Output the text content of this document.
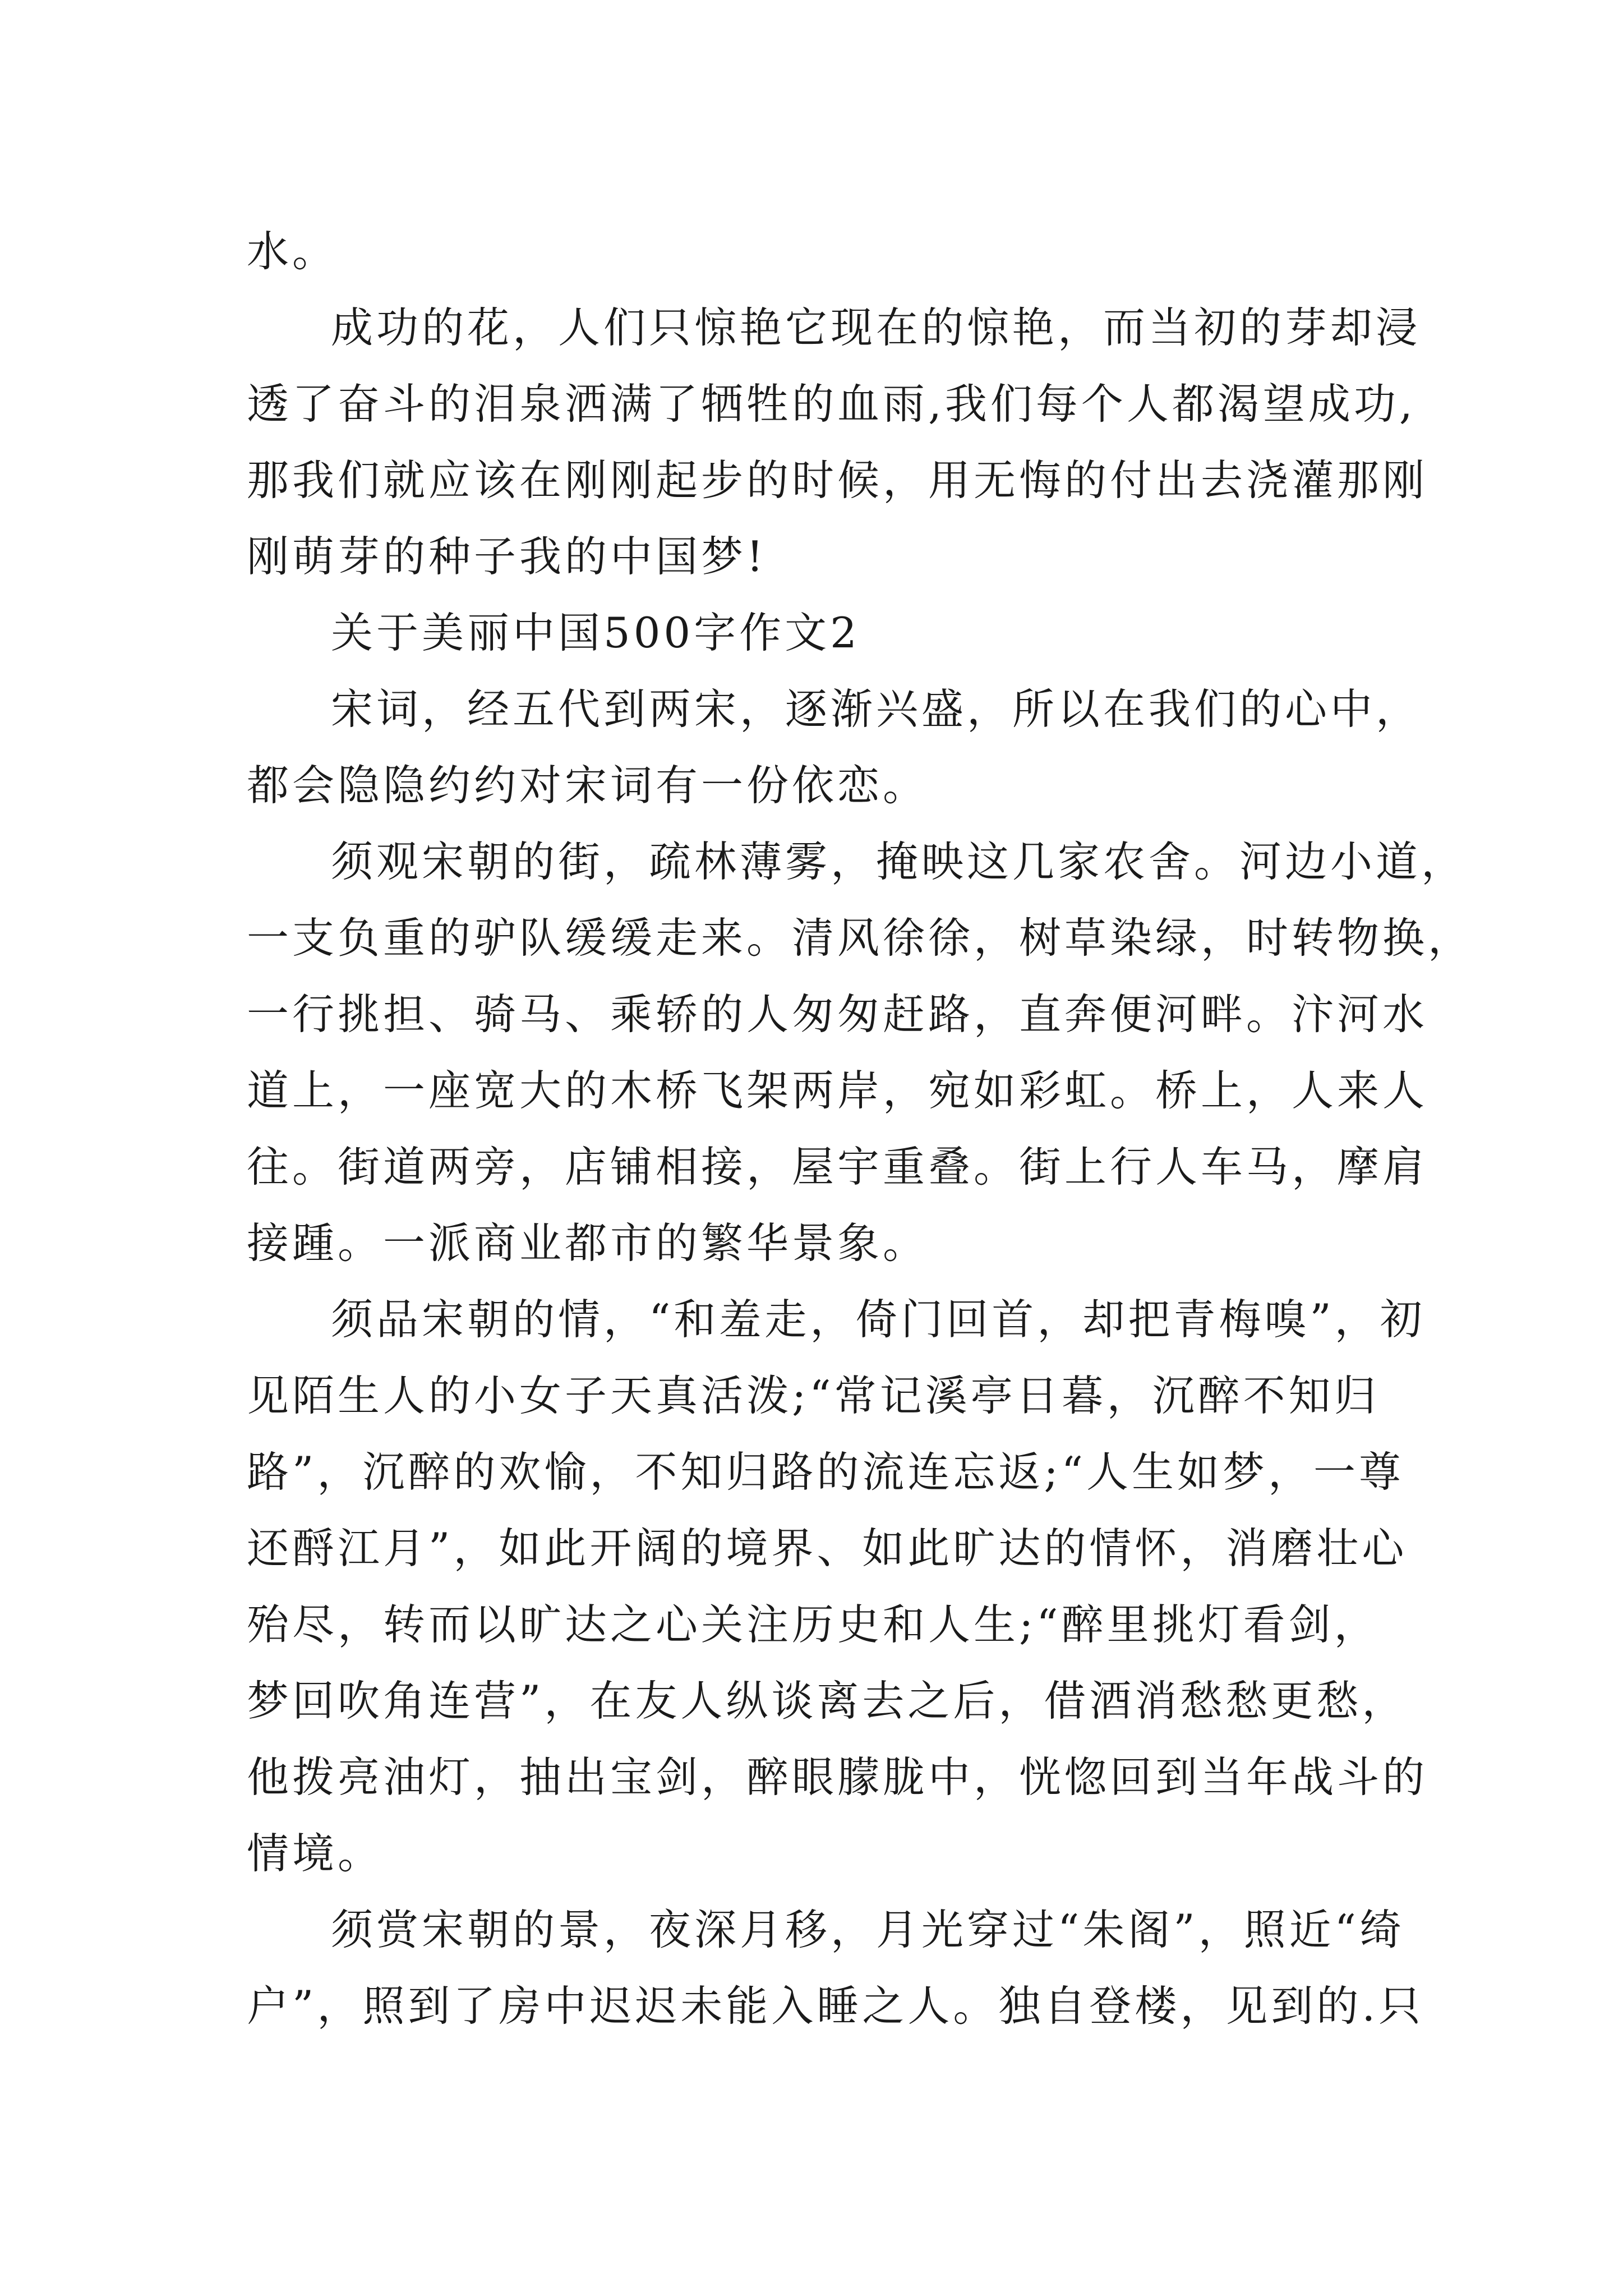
水。
成功的花，人们只惊艳它现在的惊艳，而当初的芽却浸
透了奋斗的泪泉洒满了牺牲的血雨,我们每个人都渴望成功,
那我们就应该在刚刚起步的时候，用无悔的付出去浇灌那刚
刚萌芽的种子我的中国梦!
关于美丽中国500字作文2
宋词，经五代到两宋，逐渐兴盛，所以在我们的心中，
都会隐隐约约对宋词有一份依恋。
须观宋朝的街，疏林薄雾，掩映这几家农舍。河边小道，
一支负重的驴队缓缓走来。清风徐徐，树草染绿，时转物换，
一行挑担、骑马、乘轿的人匆匆赶路，直奔便河畔。汴河水
道上，一座宽大的木桥飞架两岸，宛如彩虹。桥上，人来人
往。街道两旁，店铺相接，屋宇重叠。街上行人车马，摩肩
接踵。一派商业都市的繁华景象。
须品宋朝的情，“和羞走，倚门回首，却把青梅嗅”，初
见陌生人的小女子天真活泼;“常记溪亭日暮，沉醉不知归
路”，沉醉的欢愉，不知归路的流连忘返;“人生如梦，一尊
还酹江月”，如此开阔的境界、如此旷达的情怀，消磨壮心
殆尽，转而以旷达之心关注历史和人生;“醉里挑灯看剑，
梦回吹角连营”，在友人纵谈离去之后，借酒消愁愁更愁，
他拨亮油灯，抽出宝剑，醉眼朦胧中，恍惚回到当年战斗的
情境。
须赏宋朝的景，夜深月移，月光穿过“朱阁”，照近“绮
户”，照到了房中迟迟未能入睡之人。独自登楼，见到的.只
